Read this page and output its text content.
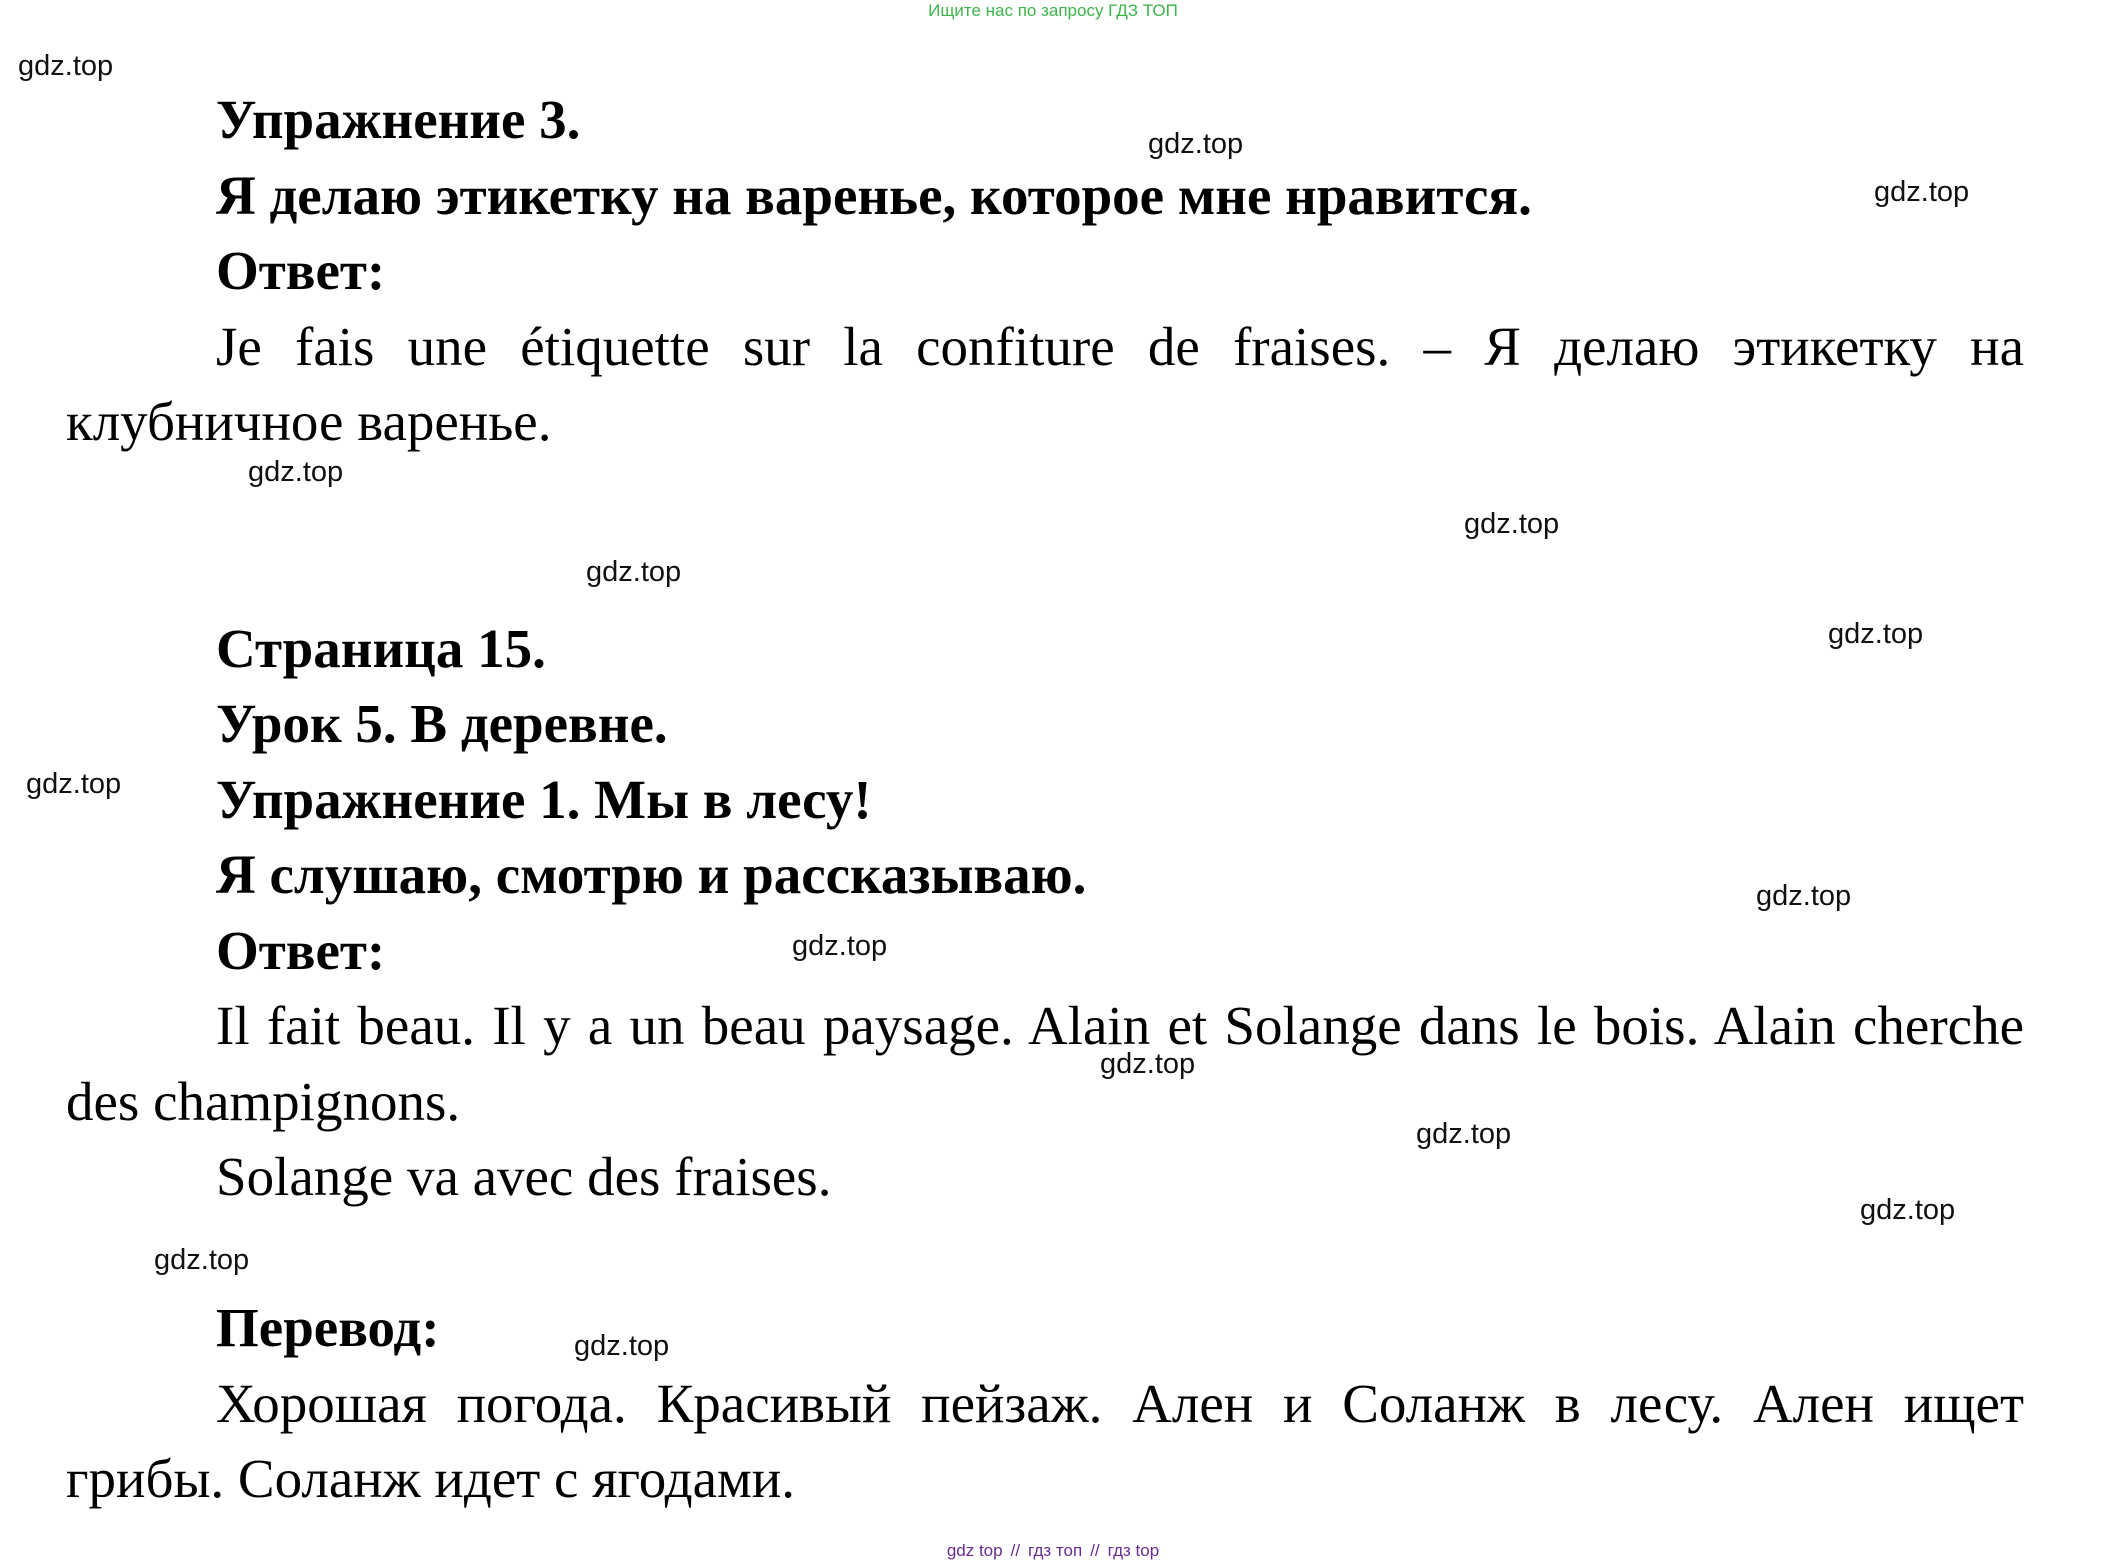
Ищите нас по запросу ГДЗ ТОП

Упражнение 3.

Я делаю этикетку на варенье, которое мне нравится.

Ответ:

Je fais une étiquette sur la confiture de fraises. – Я делаю этикетку на клубничное варенье.

Страница 15.

Урок 5. В деревне.

Упражнение 1. Мы в лесу!

Я слушаю, смотрю и рассказываю.

Ответ:

Il fait beau. Il y a un beau paysage. Alain et Solange dans le bois. Alain cherche des champignons.

Solange va avec des fraises.

Перевод:

Хорошая погода. Красивый пейзаж. Ален и Соланж в лесу. Ален ищет грибы. Соланж идет с ягодами.

gdz.top
gdz.top
gdz.top
gdz.top
gdz.top
gdz.top
gdz.top
gdz.top
gdz.top
gdz.top
gdz.top
gdz.top
gdz.top
gdz.top
gdz.top
gdz top // гдз топ // гдз top
